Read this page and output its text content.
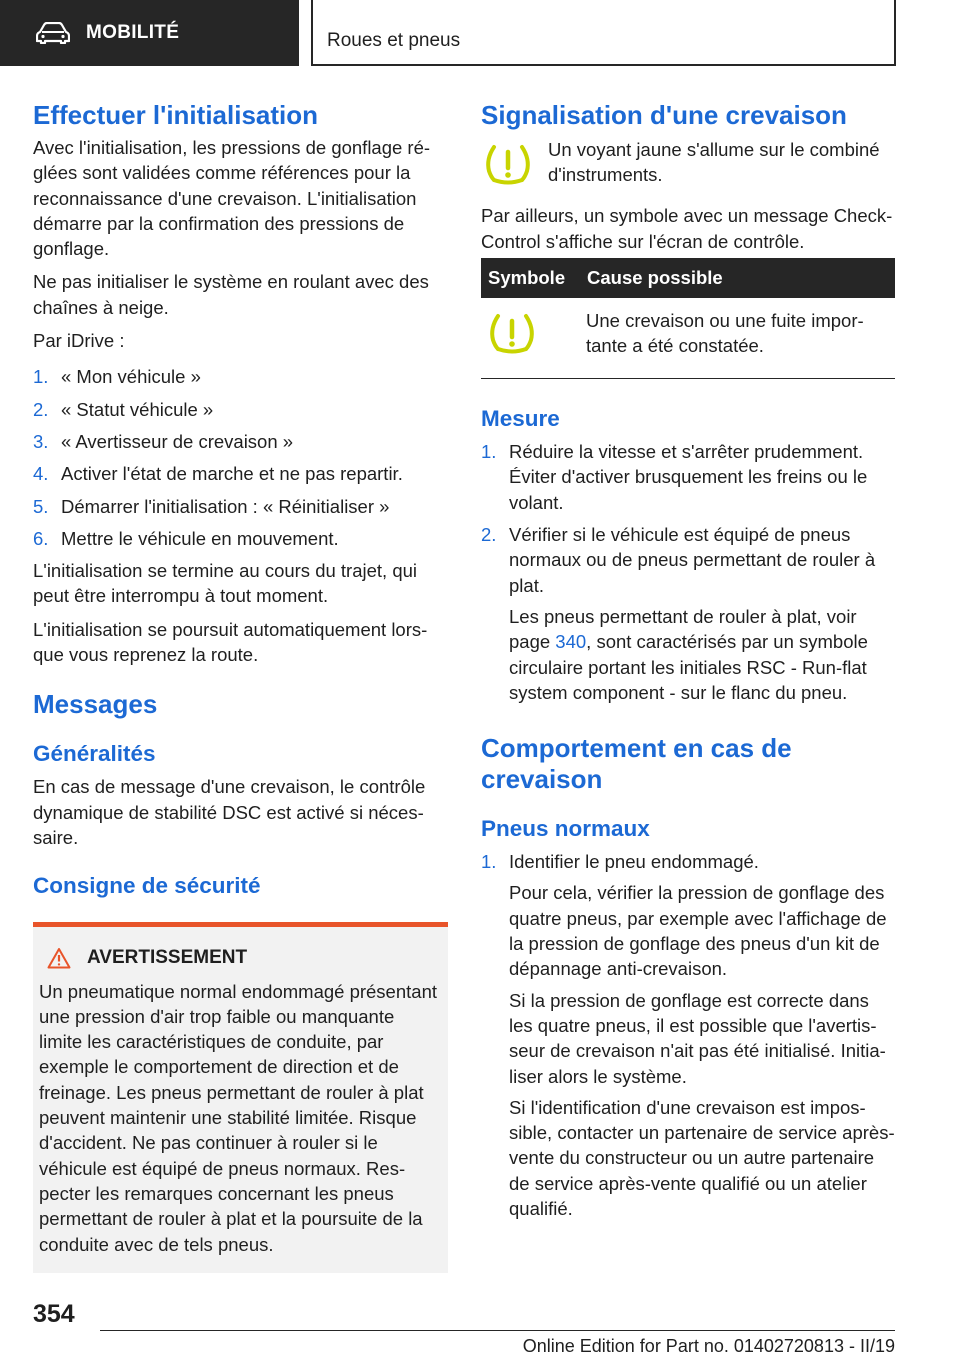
MOBILITÉ	Roues et pneus
Effectuer l'initialisation

Avec l'initialisation, les pressions de gonflage réglées sont validées comme références pour la reconnaissance d'une crevaison. L'initialisation démarre par la confirmation des pressions de gonflage.

Ne pas initialiser le système en roulant avec des chaînes à neige.

Par iDrive :

1. « Mon véhicule »
2. « Statut véhicule »
3. « Avertisseur de crevaison »
4. Activer l'état de marche et ne pas repartir.
5. Démarrer l'initialisation : « Réinitialiser »
6. Mettre le véhicule en mouvement.

L'initialisation se termine au cours du trajet, qui peut être interrompu à tout moment.

L'initialisation se poursuit automatiquement lorsque vous reprenez la route.

Messages
Généralités

En cas de message d'une crevaison, le contrôle dynamique de stabilité DSC est activé si nécessaire.

Consigne de sécurité
AVERTISSEMENT
Un pneumatique normal endommagé présentant une pression d'air trop faible ou manquante limite les caractéristiques de conduite, par exemple le comportement de direction et de freinage. Les pneus permettant de rouler à plat peuvent maintenir une stabilité limitée. Risque d'accident. Ne pas continuer à rouler si le véhicule est équipé de pneus normaux. Respecter les remarques concernant les pneus permettant de rouler à plat et la poursuite de la conduite avec de tels pneus.
Signalisation d'une crevaison

Un voyant jaune s'allume sur le combiné d'instruments.

Par ailleurs, un symbole avec un message Check-Control s'affiche sur l'écran de contrôle.

Symbole	Cause possible
	Une crevaison ou une fuite importante a été constatée.
Mesure
1. Réduire la vitesse et s'arrêter prudemment. Éviter d'activer brusquement les freins ou le volant.
2. Vérifier si le véhicule est équipé de pneus normaux ou de pneus permettant de rouler à plat.

Les pneus permettant de rouler à plat, voir page 340, sont caractérisés par un symbole circulaire portant les initiales RSC - Run-flat system component - sur le flanc du pneu.

Comportement en cas de crevaison
Pneus normaux
1. Identifier le pneu endommagé.

Pour cela, vérifier la pression de gonflage des quatre pneus, par exemple avec l'affichage de la pression de gonflage des pneus d'un kit de dépannage anti-crevaison.

Si la pression de gonflage est correcte dans les quatre pneus, il est possible que l'avertisseur de crevaison n'ait pas été initialisé. Initialiser alors le système.

Si l'identification d'une crevaison est impossible, contacter un partenaire de service après-vente du constructeur ou un autre partenaire de service après-vente qualifié ou un atelier qualifié.

354
Online Edition for Part no. 01402720813 - II/19
